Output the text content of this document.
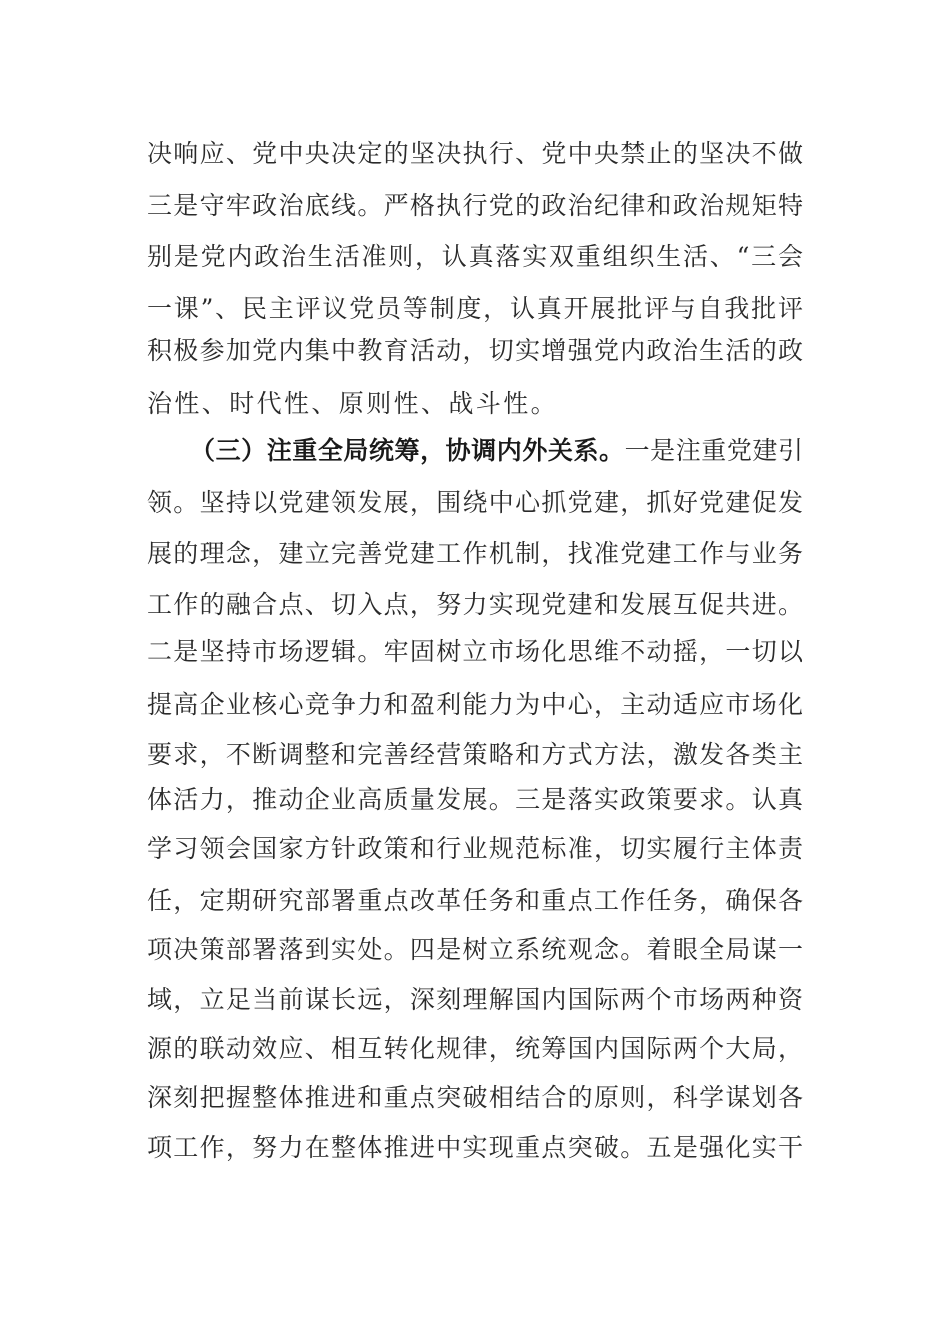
决响应、党中央决定的坚决执行、党中央禁止的坚决不做
三是守牢政治底线。严格执行党的政治纪律和政治规矩特
别是党内政治生活准则，认真落实双重组织生活、“三会
一课”、民主评议党员等制度，认真开展批评与自我批评
积极参加党内集中教育活动，切实增强党内政治生活的政
治性、时代性、原则性、战斗性。
（三）注重全局统筹，协调内外关系。一是注重党建引
领。坚持以党建领发展，围绕中心抓党建，抓好党建促发
展的理念，建立完善党建工作机制，找准党建工作与业务
工作的融合点、切入点，努力实现党建和发展互促共进。
二是坚持市场逻辑。牢固树立市场化思维不动摇，一切以
提高企业核心竞争力和盈利能力为中心，主动适应市场化
要求，不断调整和完善经营策略和方式方法，激发各类主
体活力，推动企业高质量发展。三是落实政策要求。认真
学习领会国家方针政策和行业规范标准，切实履行主体责
任，定期研究部署重点改革任务和重点工作任务，确保各
项决策部署落到实处。四是树立系统观念。着眼全局谋一
域，立足当前谋长远，深刻理解国内国际两个市场两种资
源的联动效应、相互转化规律，统筹国内国际两个大局，
深刻把握整体推进和重点突破相结合的原则，科学谋划各
项工作，努力在整体推进中实现重点突破。五是强化实干
